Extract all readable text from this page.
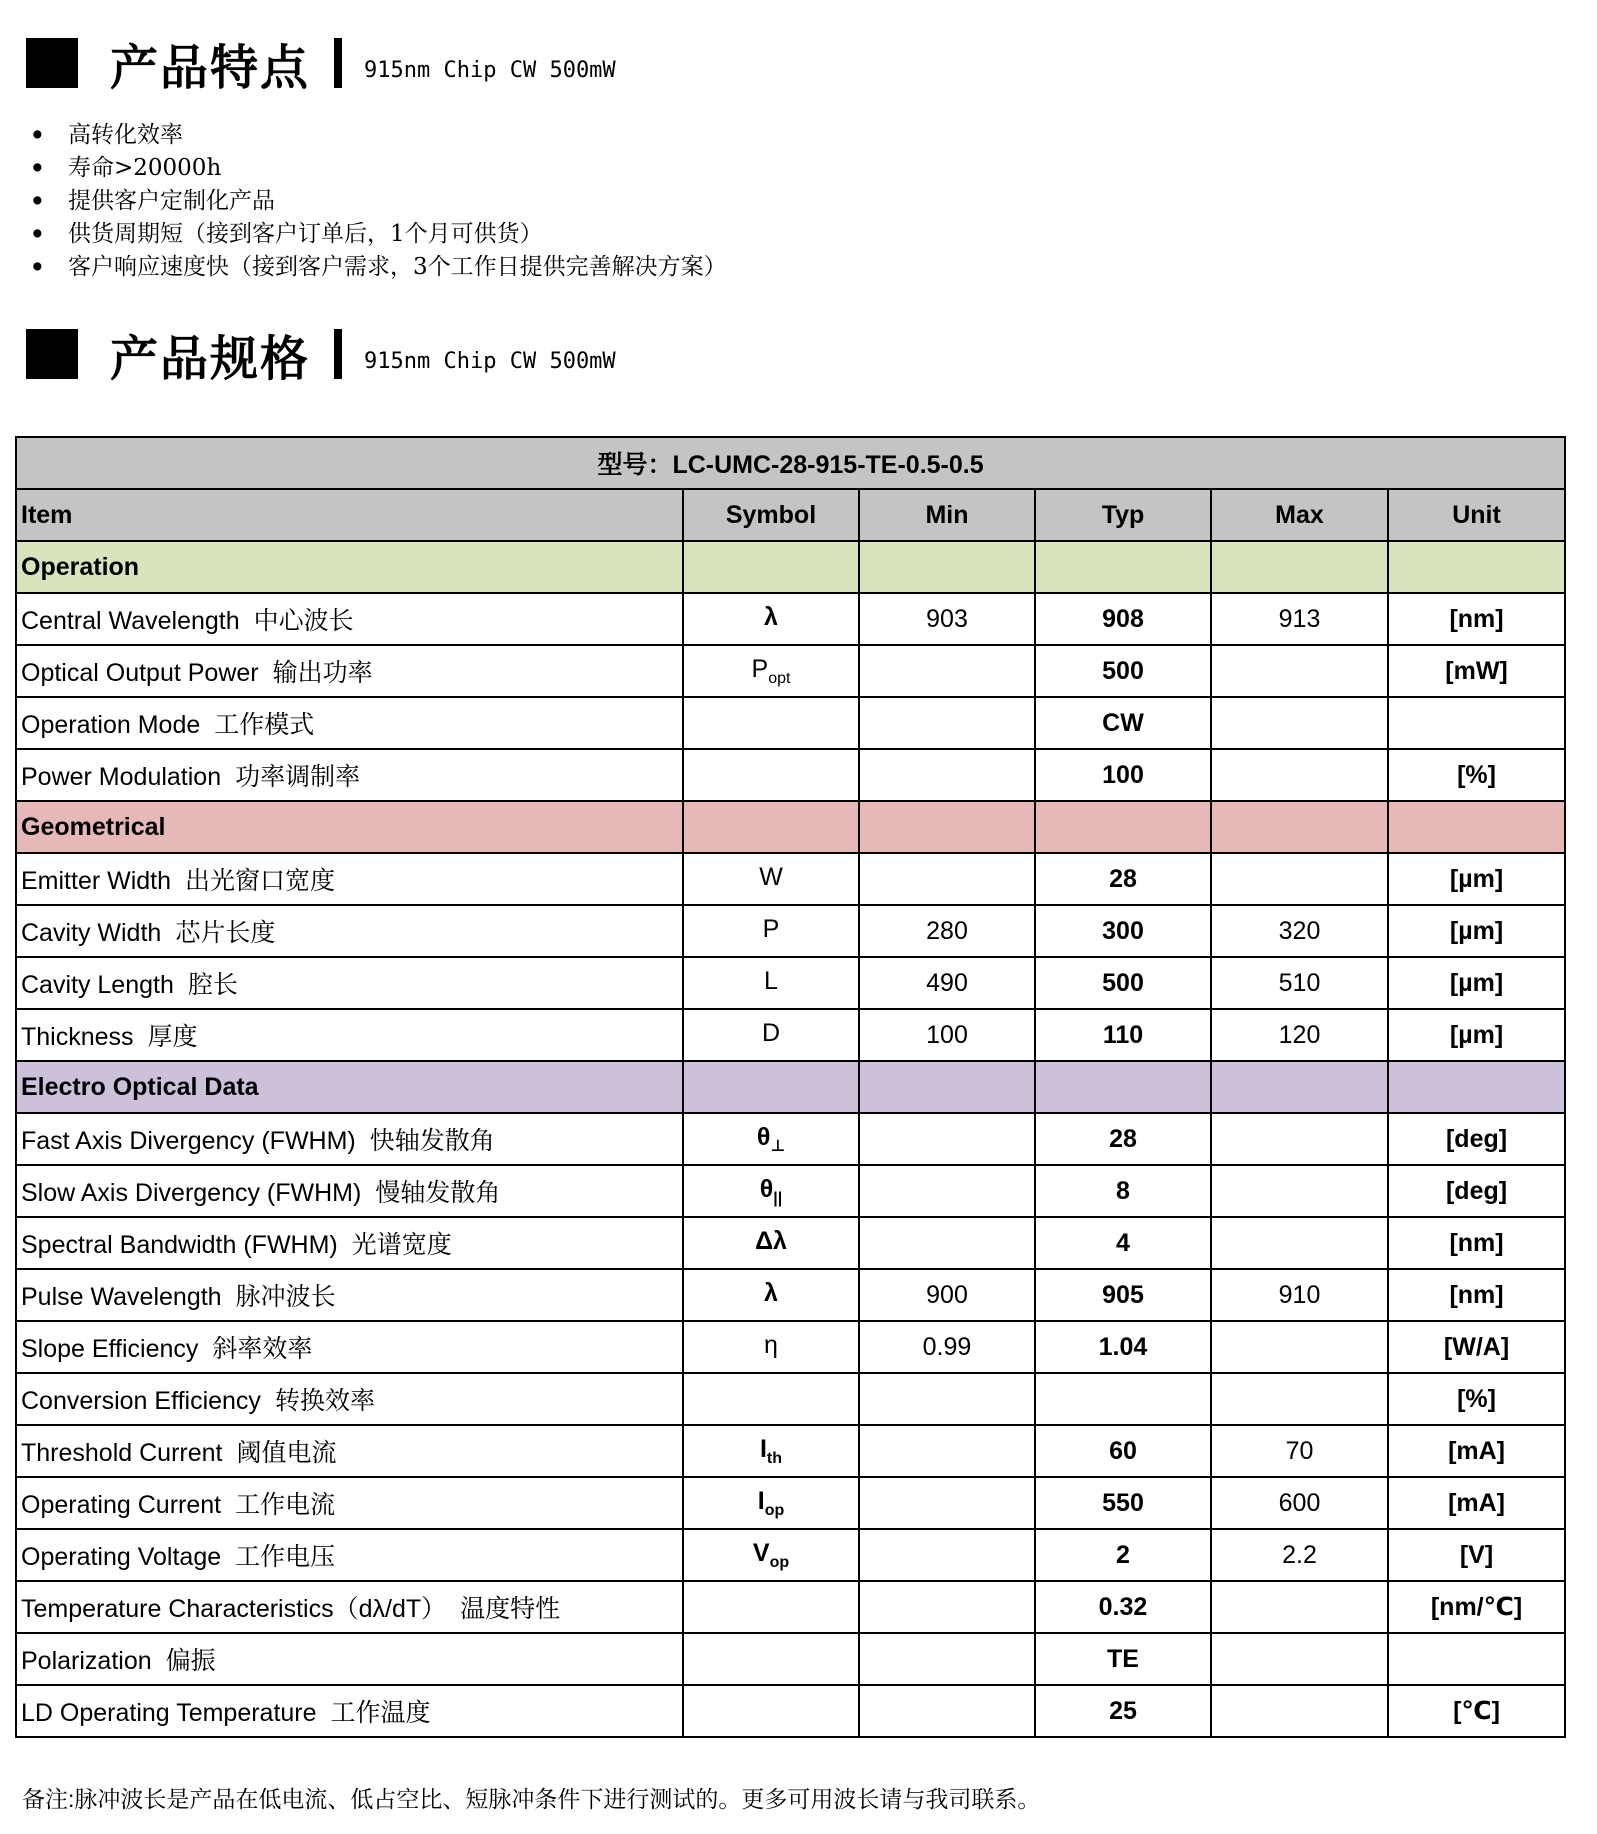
产品特点 915nm Chip CW 500mW
•	高转化效率
•	寿命>20000h
•	提供客户定制化产品
•	供货周期短（接到客户订单后，1个月可供货）
•	客户响应速度快（接到客户需求，3个工作日提供完善解决方案）
产品规格 915nm Chip CW 500mW
型号：LC-UMC-28-915-TE-0.5-0.5					
Item	Symbol	Min	Typ	Max	Unit
Operation					
Central Wavelength 中心波长	λ	903	908	913	[nm]
Optical Output Power 输出功率	$P_{opt}$		500		[mW]
Operation Mode 工作模式			CW		
Power Modulation 功率调制率			100		[%]
Geometrical					
Emitter Width 出光窗口宽度	W		28		[µm]
Cavity Width 芯片长度	P	280	300	320	[µm]
Cavity Length 腔长	L	490	500	510	[µm]
Thickness 厚度	D	100	110	120	[µm]
Electro Optical Data					
Fast Axis Divergency (FWHM) 快轴发散角	$\theta_\perp$		28		[deg]
Slow Axis Divergency (FWHM) 慢轴发散角	$\theta_{||}$		8		[deg]
Spectral Bandwidth (FWHM) 光谱宽度	Δλ		4		[nm]
Pulse Wavelength 脉冲波长	λ	900	905	910	[nm]
Slope Efficiency 斜率效率	η	0.99	1.04		[W/A]
Conversion Efficiency 转换效率					[%]
Threshold Current 阈值电流	$I_{th}$		60	70	[mA]
Operating Current 工作电流	$I_{op}$		550	600	[mA]
Operating Voltage 工作电压	$V_{op}$		2	2.2	[V]
Temperature Characteristics（dλ/dT） 温度特性			0.32		[nm/℃]
Polarization 偏振			TE		
LD Operating Temperature 工作温度			25		[℃]
备注:脉冲波长是产品在低电流、低占空比、短脉冲条件下进行测试的。更多可用波长请与我司联系。
